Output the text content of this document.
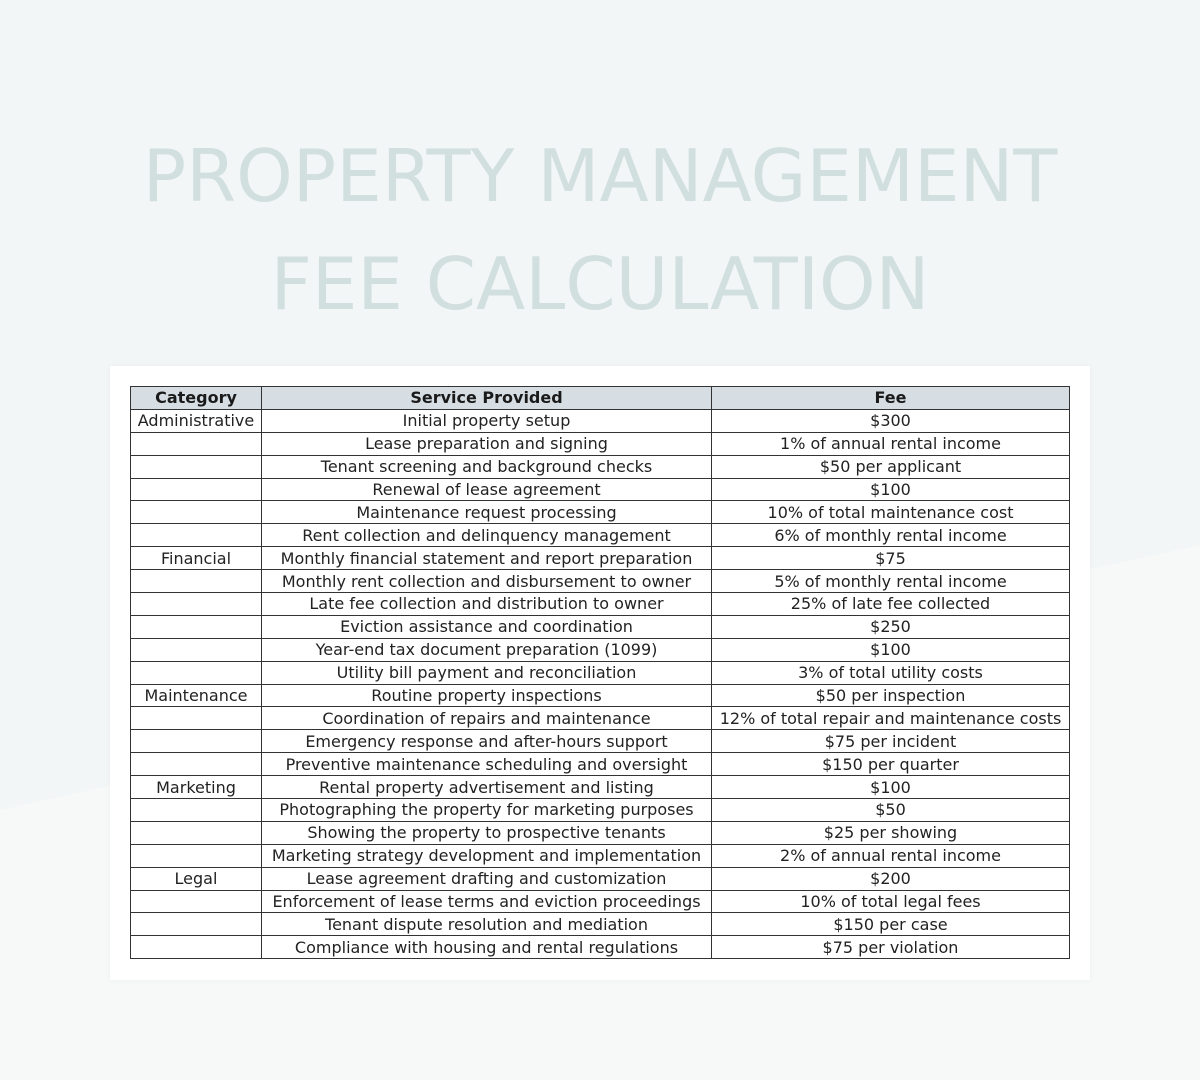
PROPERTY MANAGEMENT
FEE CALCULATION
Category	Service Provided	Fee
Administrative	Initial property setup	$300
	Lease preparation and signing	1% of annual rental income
	Tenant screening and background checks	$50 per applicant
	Renewal of lease agreement	$100
	Maintenance request processing	10% of total maintenance cost
	Rent collection and delinquency management	6% of monthly rental income
Financial	Monthly financial statement and report preparation	$75
	Monthly rent collection and disbursement to owner	5% of monthly rental income
	Late fee collection and distribution to owner	25% of late fee collected
	Eviction assistance and coordination	$250
	Year-end tax document preparation (1099)	$100
	Utility bill payment and reconciliation	3% of total utility costs
Maintenance	Routine property inspections	$50 per inspection
	Coordination of repairs and maintenance	12% of total repair and maintenance costs
	Emergency response and after-hours support	$75 per incident
	Preventive maintenance scheduling and oversight	$150 per quarter
Marketing	Rental property advertisement and listing	$100
	Photographing the property for marketing purposes	$50
	Showing the property to prospective tenants	$25 per showing
	Marketing strategy development and implementation	2% of annual rental income
Legal	Lease agreement drafting and customization	$200
	Enforcement of lease terms and eviction proceedings	10% of total legal fees
	Tenant dispute resolution and mediation	$150 per case
	Compliance with housing and rental regulations	$75 per violation
